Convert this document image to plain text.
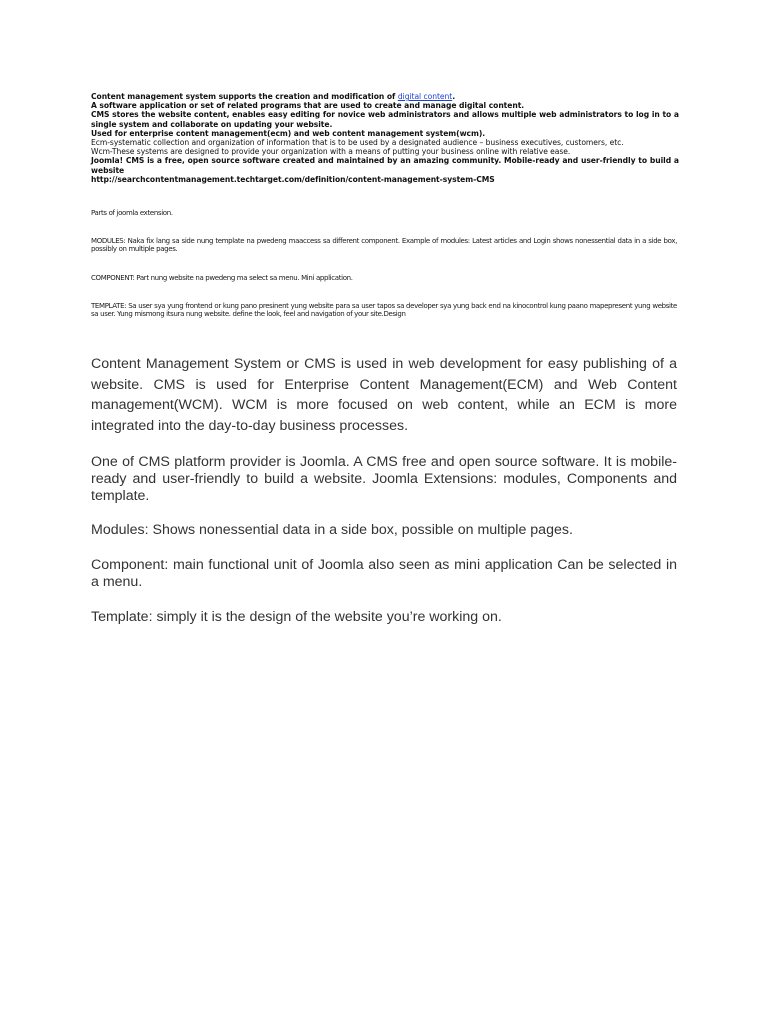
Content management system supports the creation and modification of digital content.
A software application or set of related programs that are used to create and manage digital content.
CMS stores the website content, enables easy editing for novice web administrators and allows multiple web administrators to log in to a single system and collaborate on updating your website.
Used for enterprise content management(ecm) and web content management system(wcm).
Ecm-systematic collection and organization of information that is to be used by a designated audience – business executives, customers, etc.
Wcm-These systems are designed to provide your organization with a means of putting your business online with relative ease.
Joomla! CMS is a free, open source software created and maintained by an amazing community. Mobile-ready and user-friendly to build a website
http://searchcontentmanagement.techtarget.com/definition/content-management-system-CMS
Parts of joomla extension.
MODULES: Naka fix lang sa side nung template na pwedeng maaccess sa different component. Example of modules: Latest articles and Login shows nonessential data in a side box, possibly on multiple pages.
COMPONENT: Part nung website na pwedeng ma select sa menu. Mini application.
TEMPLATE: Sa user sya yung frontend or kung pano presinent yung website para sa user tapos sa developer sya yung back end na kinocontrol kung paano mapepresent yung website sa user. Yung mismong itsura nung website. define the look, feel and navigation of your site.Design
Content Management System or CMS is used in web development for easy publishing of a website. CMS is used for Enterprise Content Management(ECM) and Web Content management(WCM). WCM is more focused on web content, while an ECM is more integrated into the day-to-day business processes.
One of CMS platform provider is Joomla. A CMS free and open source software. It is mobile-ready and user-friendly to build a website. Joomla Extensions: modules, Components and template.
Modules: Shows nonessential data in a side box, possible on multiple pages.
Component: main functional unit of Joomla also seen as mini application Can be selected in a menu.
Template: simply it is the design of the website you’re working on.
